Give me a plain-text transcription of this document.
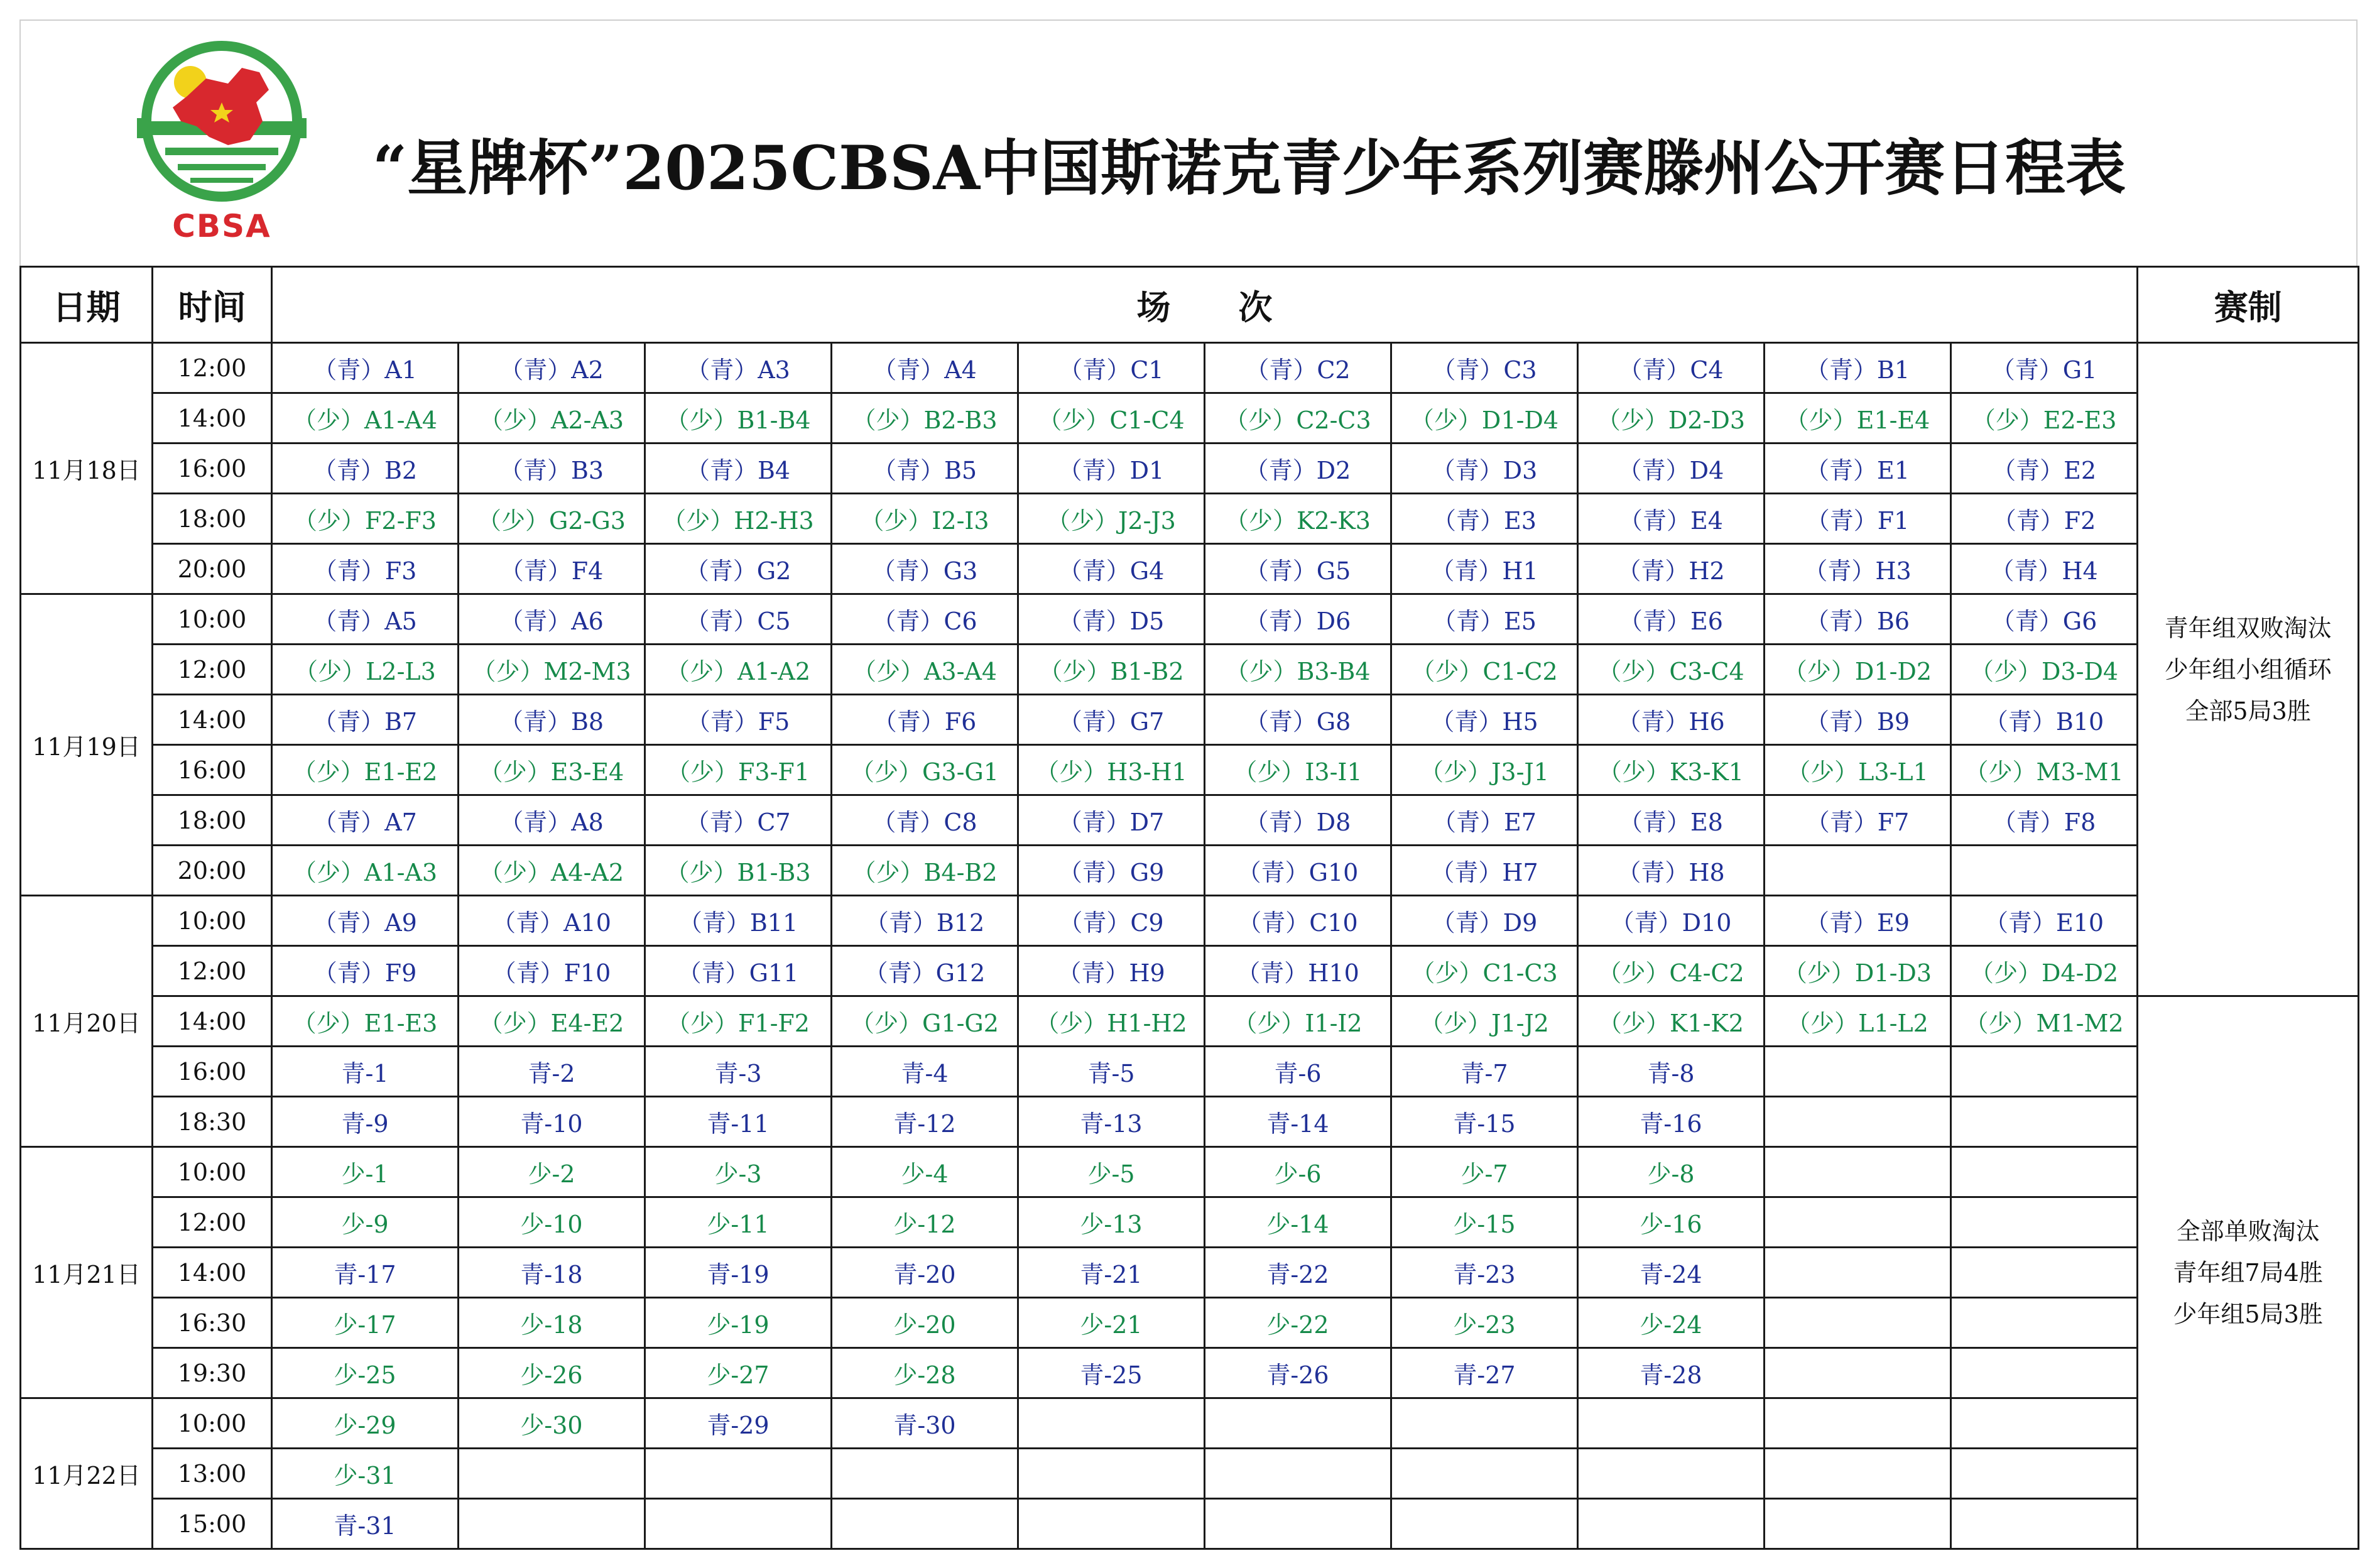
CBSA
“星牌杯”2025CBSA中国斯诺克青少年系列赛滕州公开赛日程表
日期	时间	场　　次										赛制
11月18日	12:00	（青）A1	（青）A2	（青）A3	（青）A4	（青）C1	（青）C2	（青）C3	（青）C4	（青）B1	（青）G1	青年组双败淘汰
少年组小组循环
全部5局3胜

	14:00	（少）A1-A4	（少）A2-A3	（少）B1-B4	（少）B2-B3	（少）C1-C4	（少）C2-C3	（少）D1-D4	（少）D2-D3	（少）E1-E4	（少）E2-E3	
	16:00	（青）B2	（青）B3	（青）B4	（青）B5	（青）D1	（青）D2	（青）D3	（青）D4	（青）E1	（青）E2	
	18:00	（少）F2-F3	（少）G2-G3	（少）H2-H3	（少）I2-I3	（少）J2-J3	（少）K2-K3	（青）E3	（青）E4	（青）F1	（青）F2	
	20:00	（青）F3	（青）F4	（青）G2	（青）G3	（青）G4	（青）G5	（青）H1	（青）H2	（青）H3	（青）H4	
11月19日	10:00	（青）A5	（青）A6	（青）C5	（青）C6	（青）D5	（青）D6	（青）E5	（青）E6	（青）B6	（青）G6	
	12:00	（少）L2-L3	（少）M2-M3	（少）A1-A2	（少）A3-A4	（少）B1-B2	（少）B3-B4	（少）C1-C2	（少）C3-C4	（少）D1-D2	（少）D3-D4	
	14:00	（青）B7	（青）B8	（青）F5	（青）F6	（青）G7	（青）G8	（青）H5	（青）H6	（青）B9	（青）B10	
	16:00	（少）E1-E2	（少）E3-E4	（少）F3-F1	（少）G3-G1	（少）H3-H1	（少）I3-I1	（少）J3-J1	（少）K3-K1	（少）L3-L1	（少）M3-M1	
	18:00	（青）A7	（青）A8	（青）C7	（青）C8	（青）D7	（青）D8	（青）E7	（青）E8	（青）F7	（青）F8	
	20:00	（少）A1-A3	（少）A4-A2	（少）B1-B3	（少）B4-B2	（青）G9	（青）G10	（青）H7	（青）H8			
11月20日	10:00	（青）A9	（青）A10	（青）B11	（青）B12	（青）C9	（青）C10	（青）D9	（青）D10	（青）E9	（青）E10	
	12:00	（青）F9	（青）F10	（青）G11	（青）G12	（青）H9	（青）H10	（少）C1-C3	（少）C4-C2	（少）D1-D3	（少）D4-D2	
	14:00	（少）E1-E3	（少）E4-E2	（少）F1-F2	（少）G1-G2	（少）H1-H2	（少）I1-I2	（少）J1-J2	（少）K1-K2	（少）L1-L2	（少）M1-M2	全部单败淘汰
青年组7局4胜
少年组5局3胜

	16:00	青-1	青-2	青-3	青-4	青-5	青-6	青-7	青-8			
	18:30	青-9	青-10	青-11	青-12	青-13	青-14	青-15	青-16			
11月21日	10:00	少-1	少-2	少-3	少-4	少-5	少-6	少-7	少-8			
	12:00	少-9	少-10	少-11	少-12	少-13	少-14	少-15	少-16			
	14:00	青-17	青-18	青-19	青-20	青-21	青-22	青-23	青-24			
	16:30	少-17	少-18	少-19	少-20	少-21	少-22	少-23	少-24			
	19:30	少-25	少-26	少-27	少-28	青-25	青-26	青-27	青-28			
11月22日	10:00	少-29	少-30	青-29	青-30							
	13:00	少-31										
	15:00	青-31										
